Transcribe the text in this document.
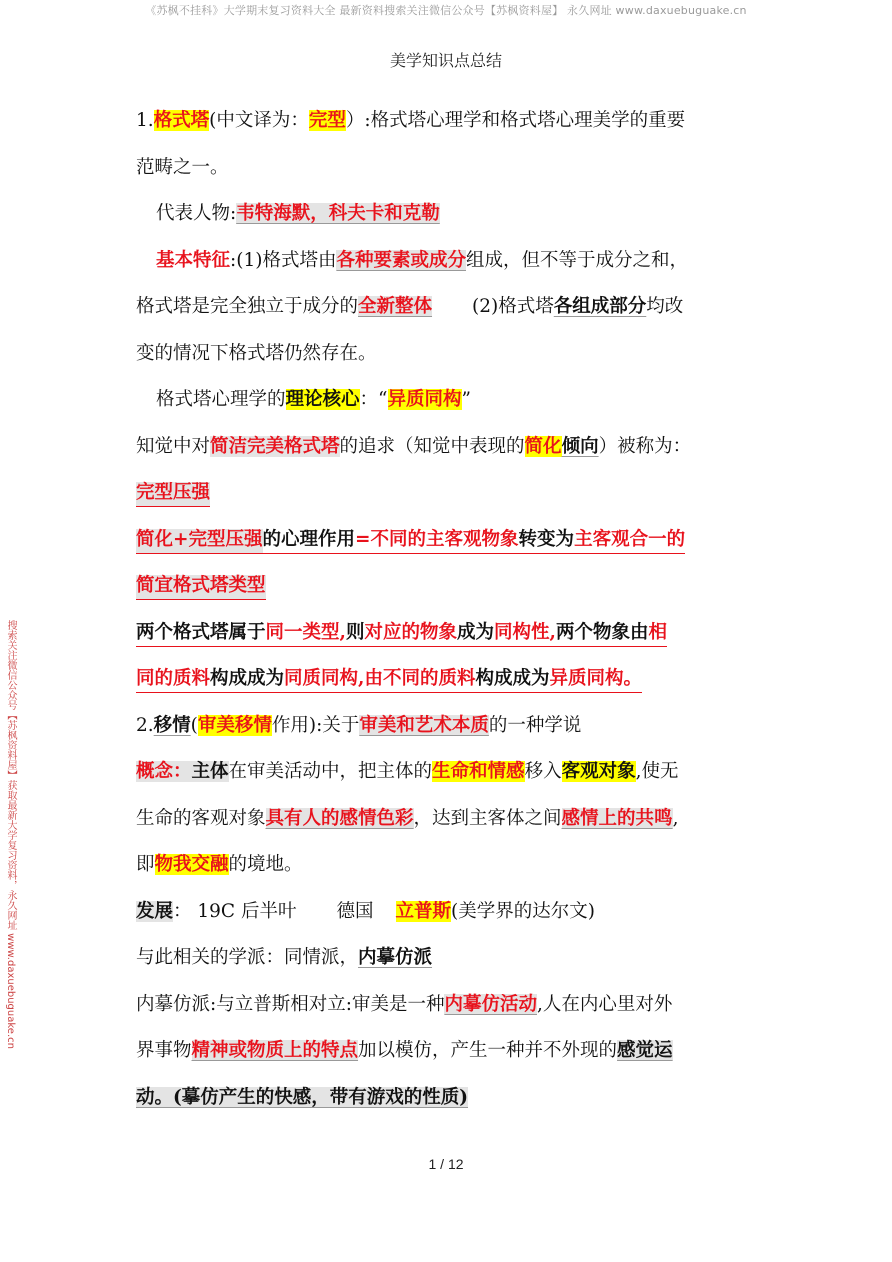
《苏枫不挂科》大学期末复习资料大全 最新资料搜索关注微信公众号【苏枫资料屋】 永久网址 www.daxuebuguake.cn
美学知识点总结
搜索关注微信公众号【苏枫资料屋】获取最新大学复习资料，永久网址 www.daxuebuguake.cn
1.格式塔(中文译为：完型）:格式塔心理学和格式塔心理美学的重要
范畴之一。
代表人物:韦特海默，科夫卡和克勒
基本特征:(1)格式塔由各种要素或成分组成，但不等于成分之和，
格式塔是完全独立于成分的全新整体 (2)格式塔各组成部分均改
变的情况下格式塔仍然存在。
格式塔心理学的理论核心：“异质同构”
知觉中对简洁完美格式塔的追求（知觉中表现的简化倾向）被称为：
完型压强
简化+完型压强的心理作用=不同的主客观物象转变为主客观合一的
简宜格式塔类型
两个格式塔属于同一类型,则对应的物象成为同构性,两个物象由相
同的质料构成成为同质同构,由不同的质料构成成为异质同构。
2.移情(审美移情作用):关于审美和艺术本质的一种学说
概念：主体在审美活动中，把主体的生命和情感移入客观对象,使无
生命的客观对象具有人的感情色彩，达到主客体之间感情上的共鸣,
即物我交融的境地。
发展： 19C 后半叶 德国 立普斯(美学界的达尔文)
与此相关的学派：同情派，内摹仿派
内摹仿派:与立普斯相对立:审美是一种内摹仿活动,人在内心里对外
界事物精神或物质上的特点加以模仿，产生一种并不外现的感觉运
动。(摹仿产生的快感，带有游戏的性质)
1 / 12
